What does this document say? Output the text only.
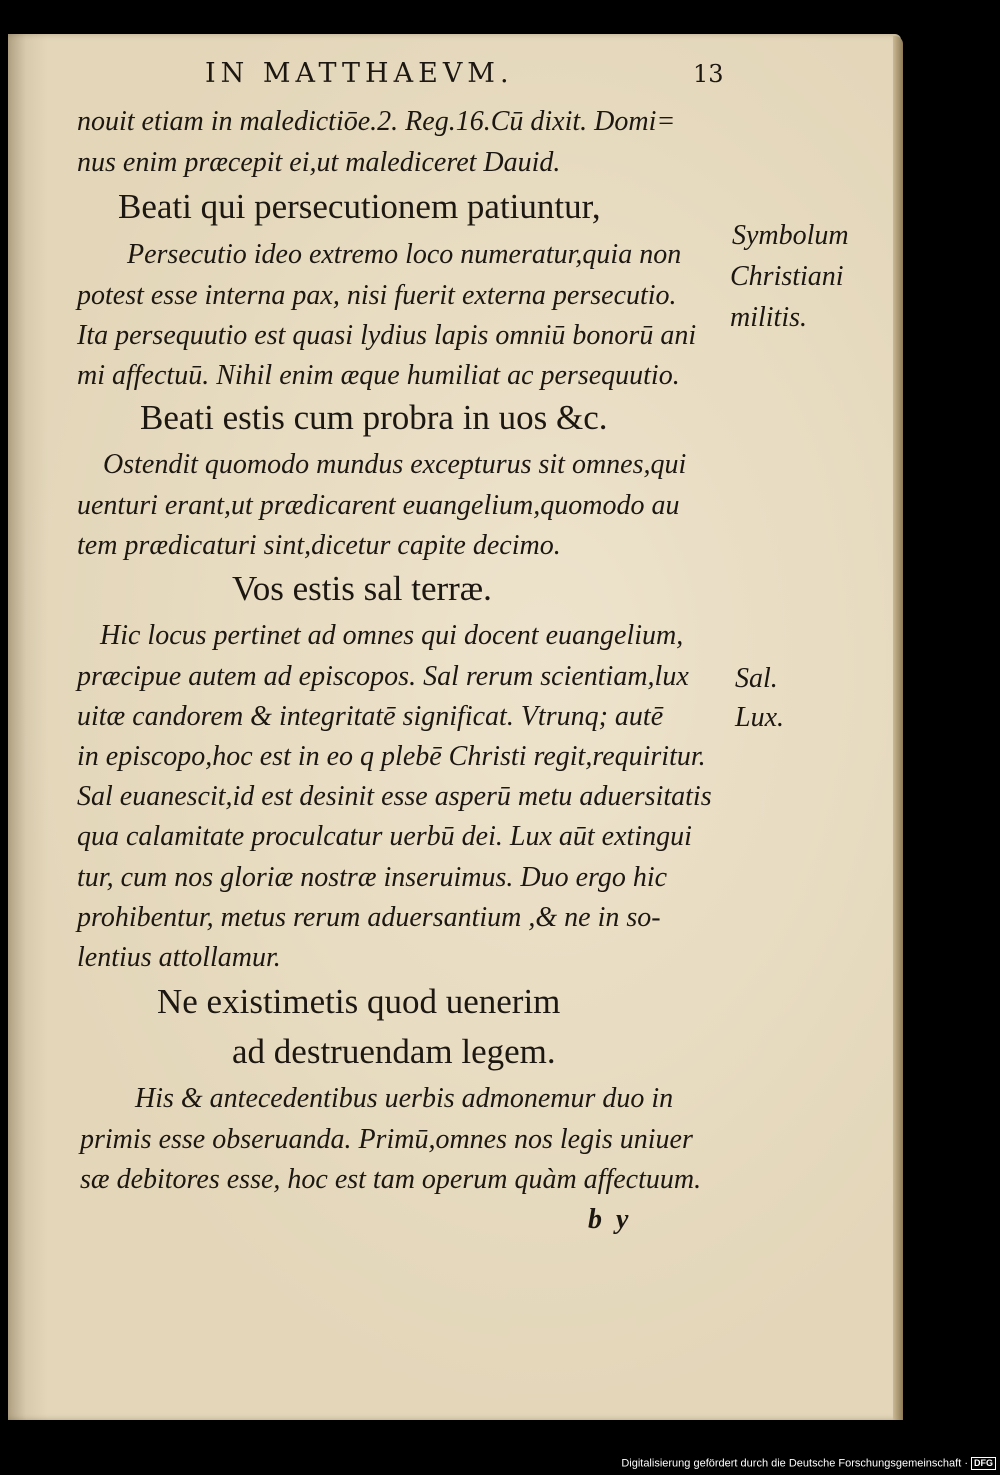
IN MATTHAEVM.	13
nouit etiam in maledictiōe.2. Reg.16.Cū dixit. Domi=
nus enim præcepit ei,ut malediceret Dauid.
Beati qui persecutionem patiuntur,
Persecutio ideo extremo loco numeratur,quia non
potest esse interna pax, nisi fuerit externa persecutio.
Ita persequutio est quasi lydius lapis omniū bonorū ani
mi affectuū. Nihil enim æque humiliat ac persequutio.
Beati estis cum probra in uos &c.
Ostendit quomodo mundus excepturus sit omnes,qui
uenturi erant,ut prædicarent euangelium,quomodo au
tem prædicaturi sint,dicetur capite decimo.
Vos estis sal terræ.
Hic locus pertinet ad omnes qui docent euangelium,
præcipue autem ad episcopos. Sal rerum scientiam,lux
uitæ candorem & integritatē significat. Vtrunq; autē
in episcopo,hoc est in eo q plebē Christi regit,requiritur.
Sal euanescit,id est desinit esse asperū metu aduersitatis
qua calamitate proculcatur uerbū dei. Lux aūt extingui
tur, cum nos gloriæ nostræ inseruimus. Duo ergo hic
prohibentur, metus rerum aduersantium ,& ne in so-
lentius attollamur.
Ne existimetis quod uenerim
ad destruendam legem.
His & antecedentibus uerbis admonemur duo in
primis esse obseruanda. Primū,omnes nos legis uniuer
sæ debitores esse, hoc est tam operum quàm affectuum.
Symbolum
Christiani
militis.
Sal.
Lux.
b  y
Digitalisierung gefördert durch die Deutsche Forschungsgemeinschaft · DFG
